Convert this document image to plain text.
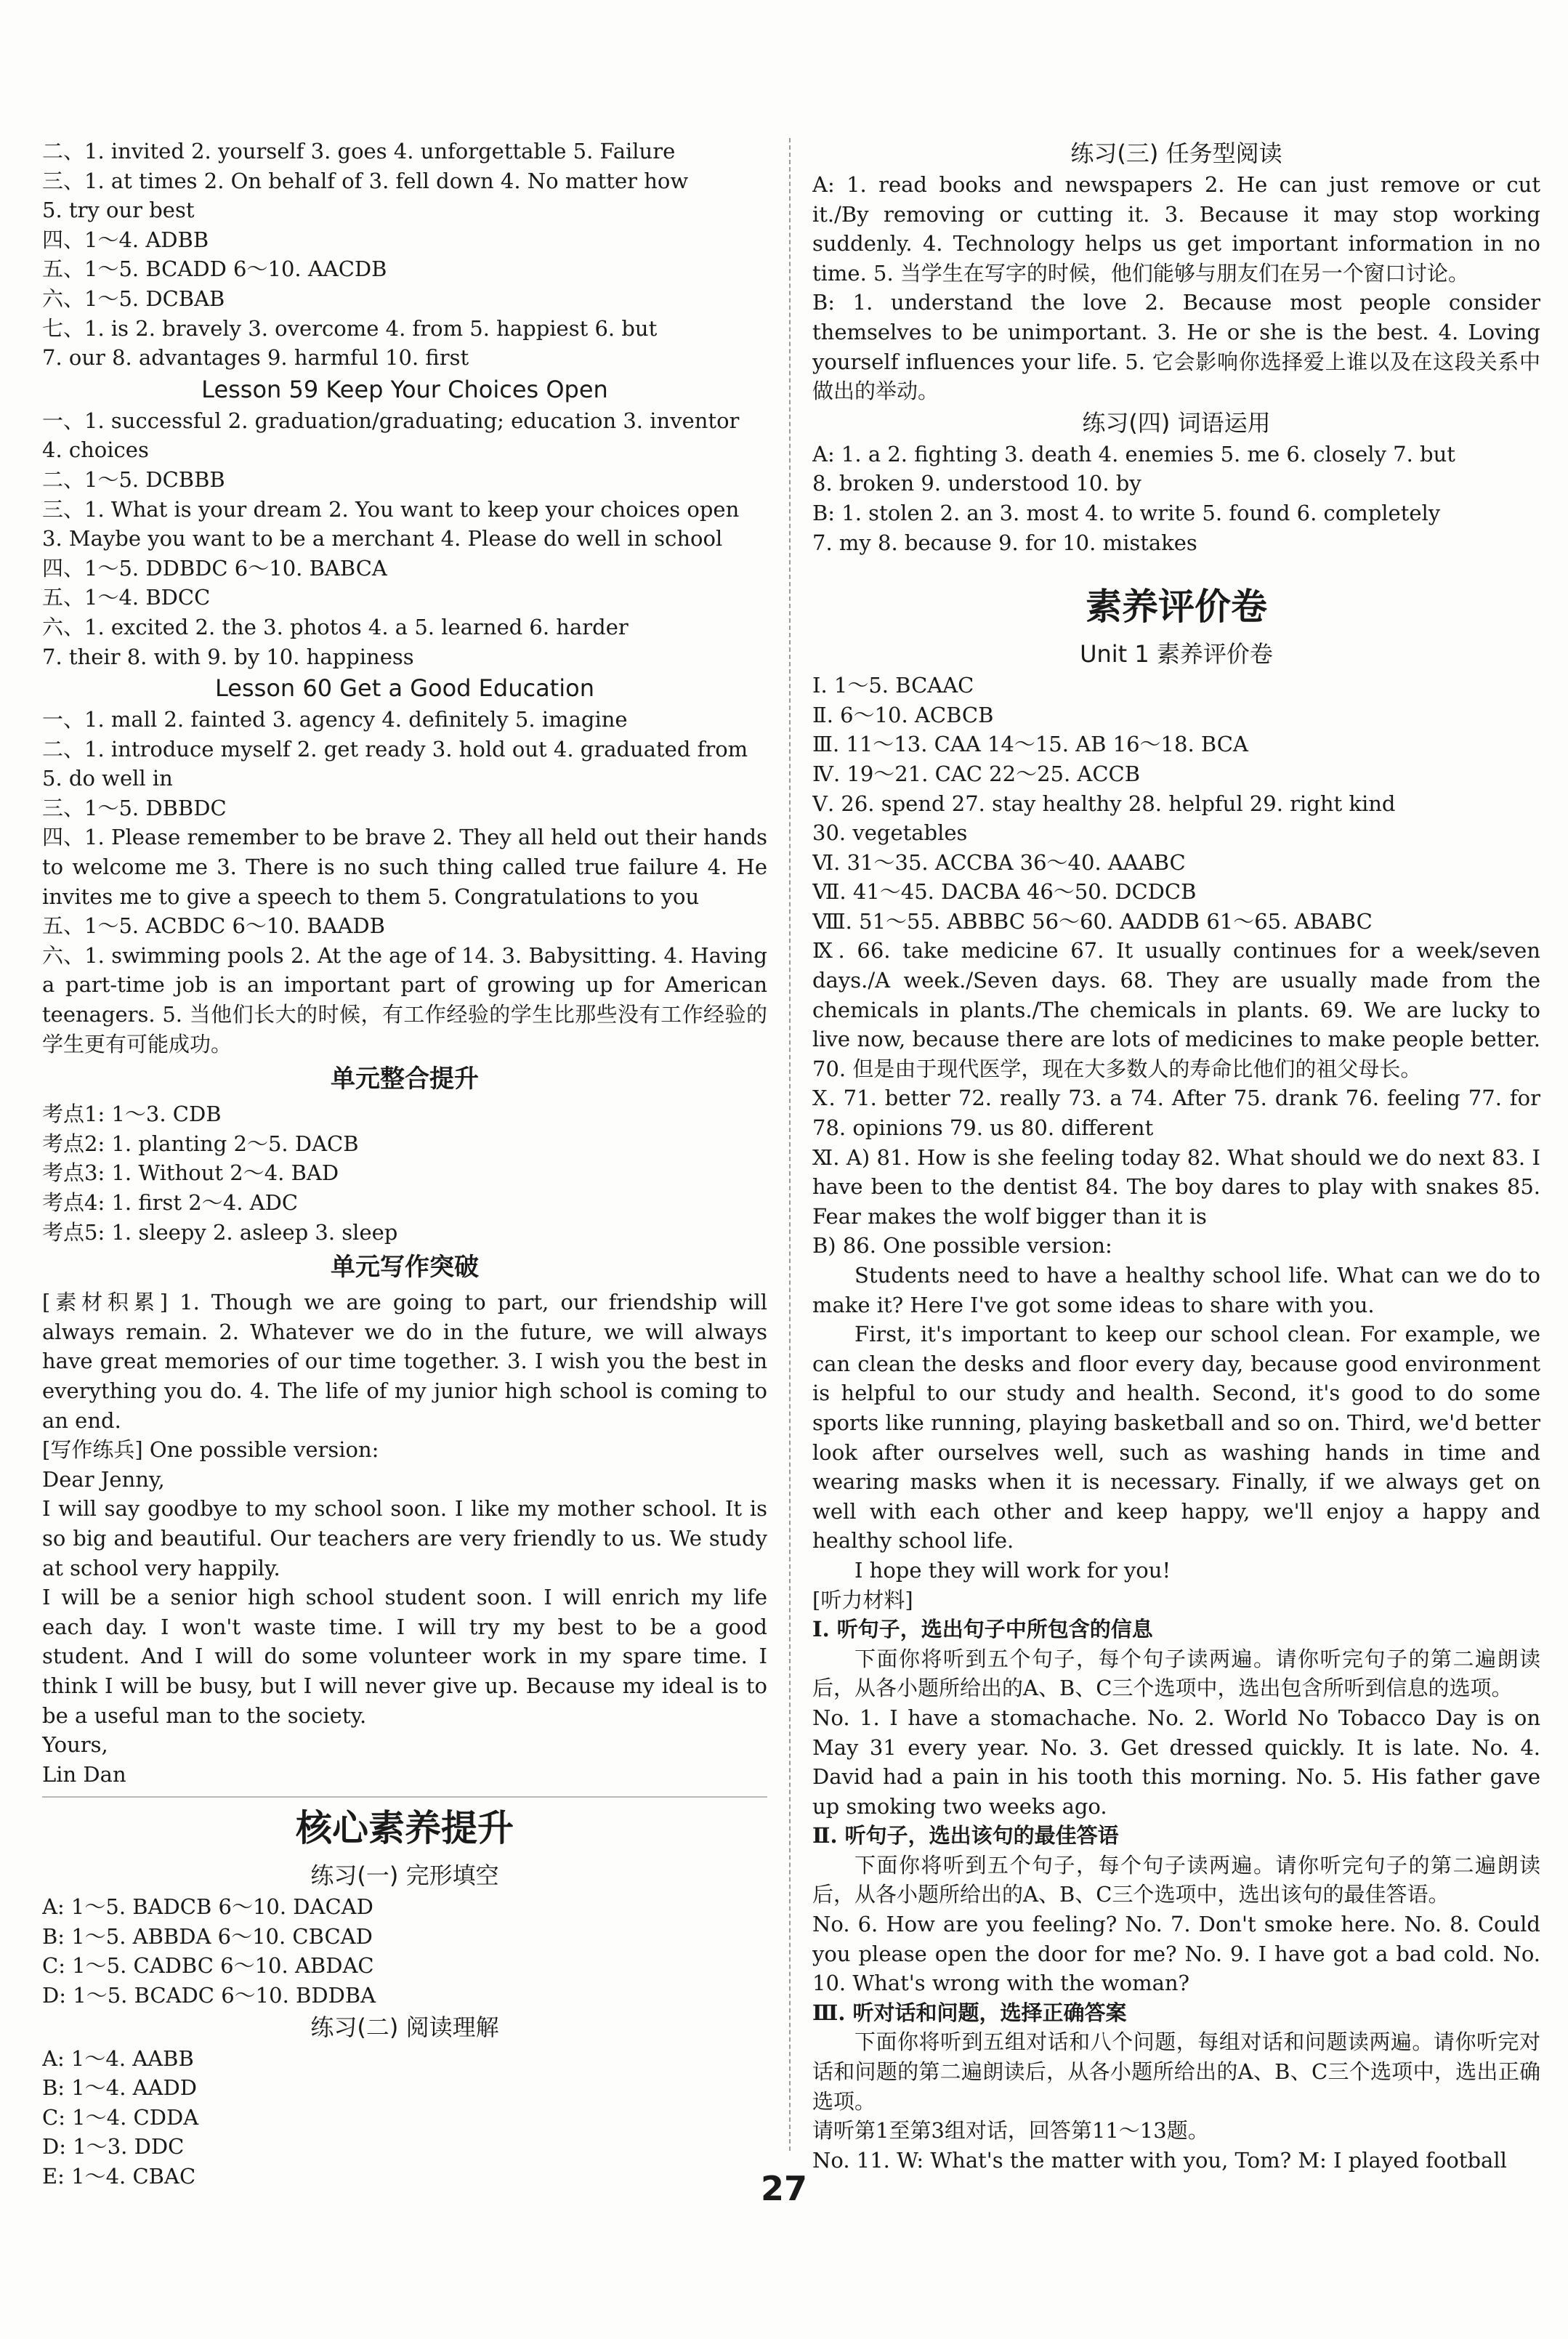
二、1. invited 2. yourself 3. goes 4. unforgettable 5. Failure
三、1. at times 2. On behalf of 3. fell down 4. No matter how
5. try our best
四、1～4. ADBB
五、1～5. BCADD 6～10. AACDB
六、1～5. DCBAB
七、1. is 2. bravely 3. overcome 4. from 5. happiest 6. but
7. our 8. advantages 9. harmful 10. first
Lesson 59 Keep Your Choices Open
一、1. successful 2. graduation/graduating; education 3. inventor
4. choices
二、1～5. DCBBB
三、1. What is your dream 2. You want to keep your choices open
3. Maybe you want to be a merchant 4. Please do well in school
四、1～5. DDBDC 6～10. BABCA
五、1～4. BDCC
六、1. excited 2. the 3. photos 4. a 5. learned 6. harder
7. their 8. with 9. by 10. happiness
Lesson 60 Get a Good Education
一、1. mall 2. fainted 3. agency 4. definitely 5. imagine
二、1. introduce myself 2. get ready 3. hold out 4. graduated from
5. do well in
三、1～5. DBBDC
四、1. Please remember to be brave 2. They all held out their hands to welcome me 3. There is no such thing called true failure 4. He invites me to give a speech to them 5. Congratulations to you
五、1～5. ACBDC 6～10. BAADB
六、1. swimming pools 2. At the age of 14. 3. Babysitting. 4. Having a part-time job is an important part of growing up for American teenagers. 5. 当他们长大的时候，有工作经验的学生比那些没有工作经验的学生更有可能成功。
单元整合提升
考点1: 1～3. CDB
考点2: 1. planting 2～5. DACB
考点3: 1. Without 2～4. BAD
考点4: 1. first 2～4. ADC
考点5: 1. sleepy 2. asleep 3. sleep
单元写作突破
[素材积累] 1. Though we are going to part, our friendship will always remain. 2. Whatever we do in the future, we will always have great memories of our time together. 3. I wish you the best in everything you do. 4. The life of my junior high school is coming to an end.
[写作练兵] One possible version:
Dear Jenny,
I will say goodbye to my school soon. I like my mother school. It is so big and beautiful. Our teachers are very friendly to us. We study at school very happily.
I will be a senior high school student soon. I will enrich my life each day. I won't waste time. I will try my best to be a good student. And I will do some volunteer work in my spare time. I think I will be busy, but I will never give up. Because my ideal is to be a useful man to the society.
Yours,
Lin Dan
核心素养提升
练习(一) 完形填空
A: 1～5. BADCB 6～10. DACAD
B: 1～5. ABBDA 6～10. CBCAD
C: 1～5. CADBC 6～10. ABDAC
D: 1～5. BCADC 6～10. BDDBA
练习(二) 阅读理解
A: 1～4. AABB
B: 1～4. AADD
C: 1～4. CDDA
D: 1～3. DDC
E: 1～4. CBAC
练习(三) 任务型阅读
A: 1. read books and newspapers 2. He can just remove or cut it./By removing or cutting it. 3. Because it may stop working suddenly. 4. Technology helps us get important information in no time. 5. 当学生在写字的时候，他们能够与朋友们在另一个窗口讨论。
B: 1. understand the love 2. Because most people consider themselves to be unimportant. 3. He or she is the best. 4. Loving yourself influences your life. 5. 它会影响你选择爱上谁以及在这段关系中做出的举动。
练习(四) 词语运用
A: 1. a 2. fighting 3. death 4. enemies 5. me 6. closely 7. but
8. broken 9. understood 10. by
B: 1. stolen 2. an 3. most 4. to write 5. found 6. completely
7. my 8. because 9. for 10. mistakes
素养评价卷
Unit 1 素养评价卷
Ⅰ. 1～5. BCAAC
Ⅱ. 6～10. ACBCB
Ⅲ. 11～13. CAA 14～15. AB 16～18. BCA
Ⅳ. 19～21. CAC 22～25. ACCB
Ⅴ. 26. spend 27. stay healthy 28. helpful 29. right kind
30. vegetables
Ⅵ. 31～35. ACCBA 36～40. AAABC
Ⅶ. 41～45. DACBA 46～50. DCDCB
Ⅷ. 51～55. ABBBC 56～60. AADDB 61～65. ABABC
Ⅸ. 66. take medicine 67. It usually continues for a week/seven days./A week./Seven days. 68. They are usually made from the chemicals in plants./The chemicals in plants. 69. We are lucky to live now, because there are lots of medicines to make people better. 70. 但是由于现代医学，现在大多数人的寿命比他们的祖父母长。
Ⅹ. 71. better 72. really 73. a 74. After 75. drank 76. feeling 77. for 78. opinions 79. us 80. different
Ⅺ. A) 81. How is she feeling today 82. What should we do next 83. I have been to the dentist 84. The boy dares to play with snakes 85. Fear makes the wolf bigger than it is
B) 86. One possible version:
Students need to have a healthy school life. What can we do to make it? Here I've got some ideas to share with you.
First, it's important to keep our school clean. For example, we can clean the desks and floor every day, because good environment is helpful to our study and health. Second, it's good to do some sports like running, playing basketball and so on. Third, we'd better look after ourselves well, such as washing hands in time and wearing masks when it is necessary. Finally, if we always get on well with each other and keep happy, we'll enjoy a happy and healthy school life.
I hope they will work for you!
[听力材料]
Ⅰ. 听句子，选出句子中所包含的信息
下面你将听到五个句子，每个句子读两遍。请你听完句子的第二遍朗读后，从各小题所给出的A、B、C三个选项中，选出包含所听到信息的选项。
No. 1. I have a stomachache. No. 2. World No Tobacco Day is on May 31 every year. No. 3. Get dressed quickly. It is late. No. 4. David had a pain in his tooth this morning. No. 5. His father gave up smoking two weeks ago.
Ⅱ. 听句子，选出该句的最佳答语
下面你将听到五个句子，每个句子读两遍。请你听完句子的第二遍朗读后，从各小题所给出的A、B、C三个选项中，选出该句的最佳答语。
No. 6. How are you feeling? No. 7. Don't smoke here. No. 8. Could you please open the door for me? No. 9. I have got a bad cold. No. 10. What's wrong with the woman?
Ⅲ. 听对话和问题，选择正确答案
下面你将听到五组对话和八个问题，每组对话和问题读两遍。请你听完对话和问题的第二遍朗读后，从各小题所给出的A、B、C三个选项中，选出正确选项。
请听第1至第3组对话，回答第11～13题。
No. 11. W: What's the matter with you, Tom? M: I played football
27
